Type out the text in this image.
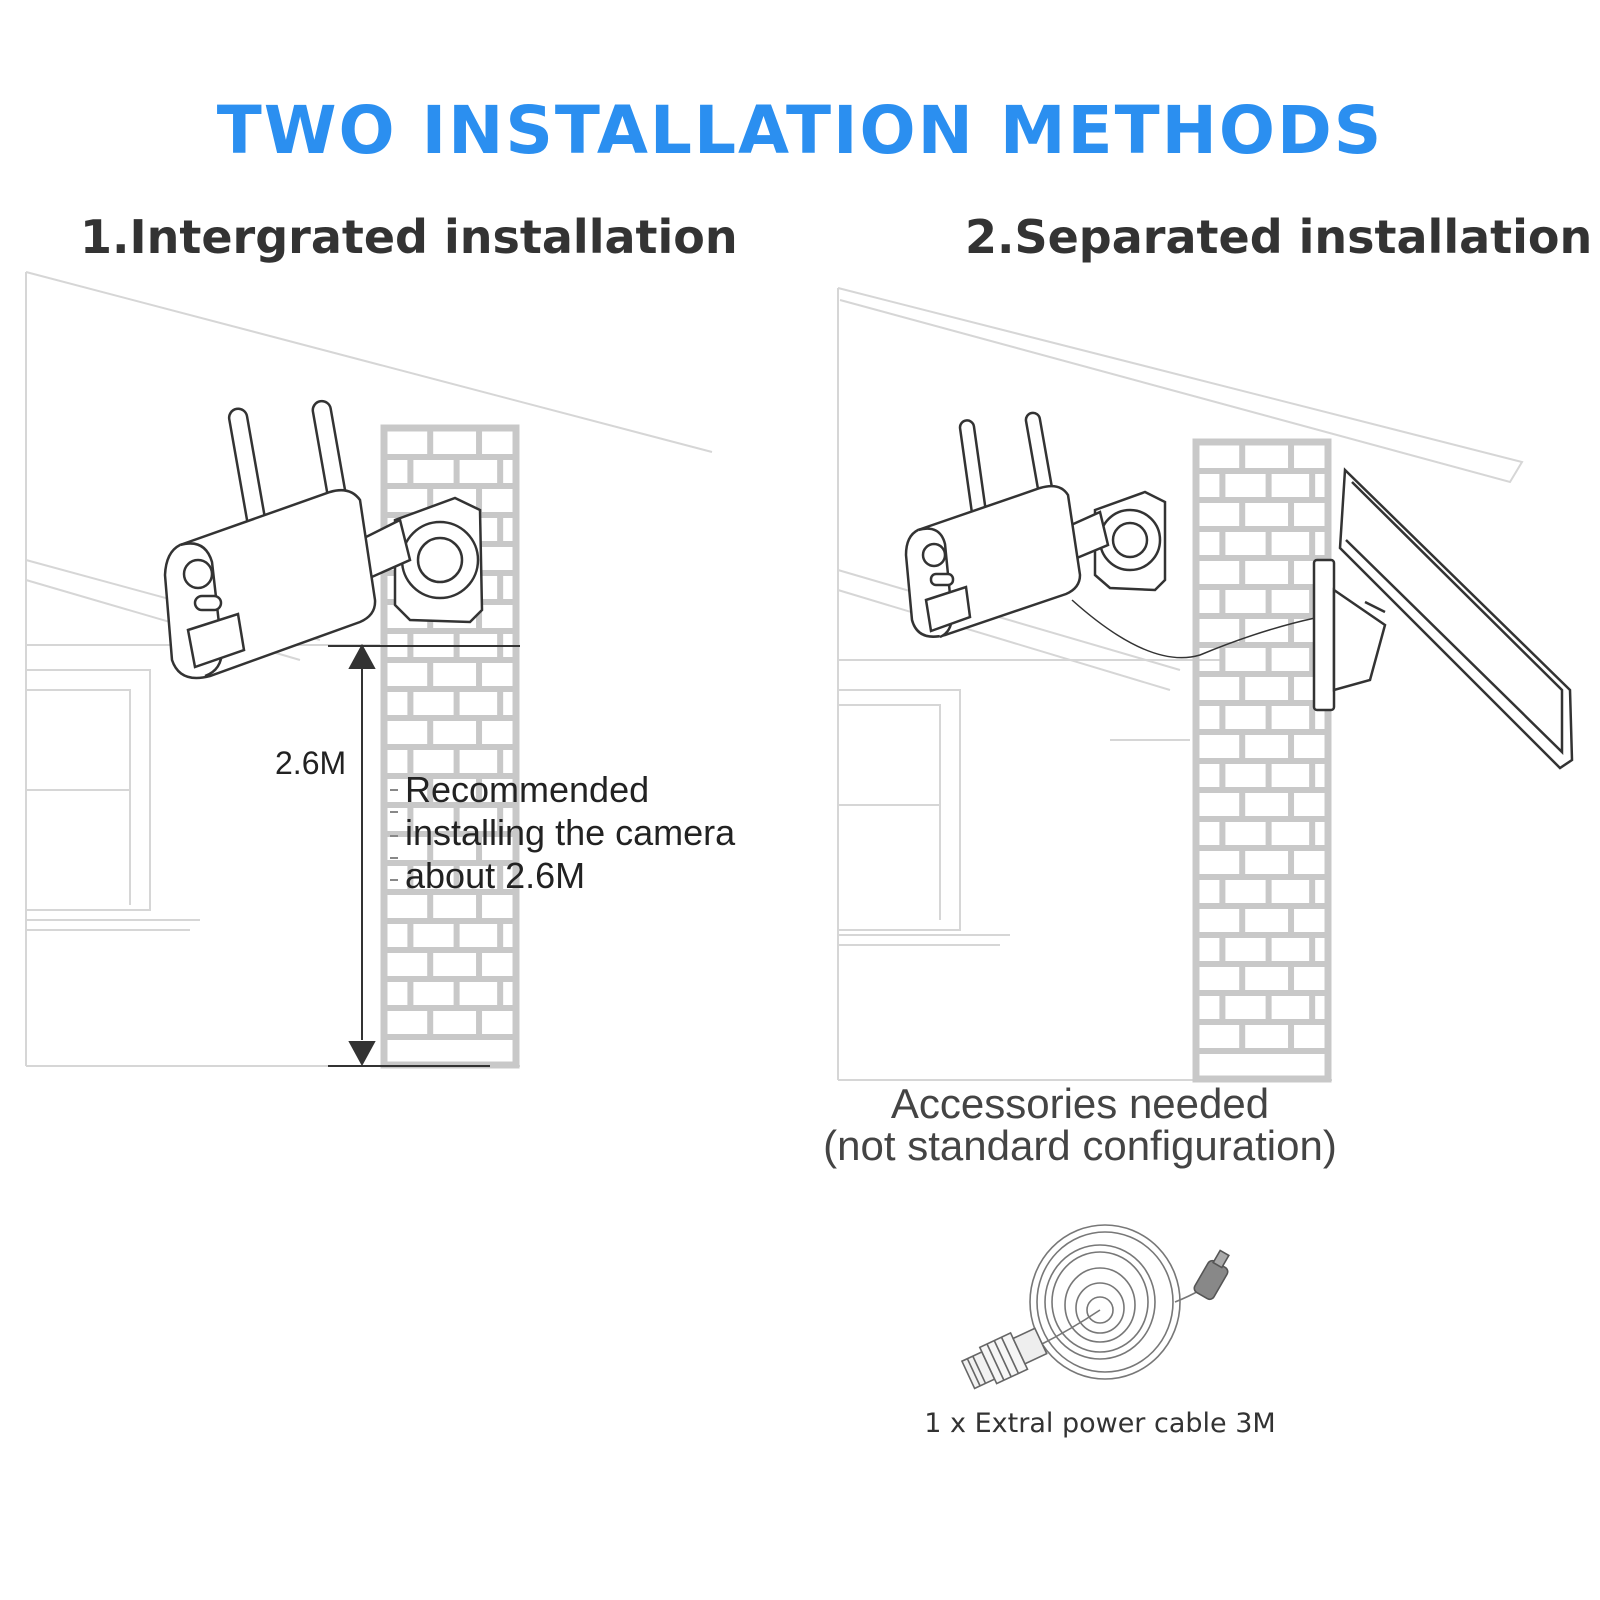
TWO INSTALLATION METHODS
1.Intergrated installation	2.Separated installation
2.6M
Recommended
installing the camera
about 2.6M
Accessories needed
(not standard configuration)
1 x Extral power cable 3M
